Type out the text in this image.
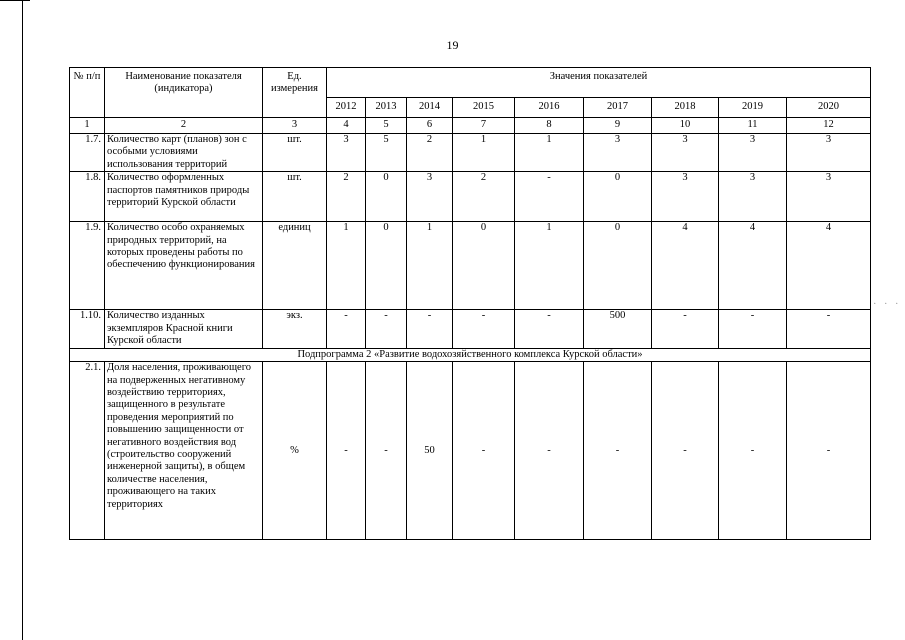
19
. . .
№ п/п	Наименование показателя (индикатора)	Ед. измерения	Значения показателей								
			2012	2013	2014	2015	2016	2017	2018	2019	2020
1	2	3	4	5	6	7	8	9	10	11	12
1.7.	Количество карт (планов) зон с особыми условиями использования территорий	шт.	3	5	2	1	1	3	3	3	3
1.8.	Количество оформленных паспортов памятников природы территорий Курской области	шт.	2	0	3	2	-	0	3	3	3
1.9.	Количество особо охраняемых природных территорий, на которых проведены работы по обеспечению функционирования	единиц	1	0	1	0	1	0	4	4	4
1.10.	Количество изданных экземпляров Красной книги Курской области	экз.	-	-	-	-	-	500	-	-	-
Подпрограмма 2 «Развитие водохозяйственного комплекса Курской области»											
2.1.	Доля населения, проживающего на подверженных негативному воздействию территориях, защищенного в результате проведения мероприятий по повышению защищенности от негативного воздействия вод (строительство сооружений инженерной защиты), в общем количестве населения, проживающего на таких территориях	%	-	-	50	-	-	-	-	-	-
